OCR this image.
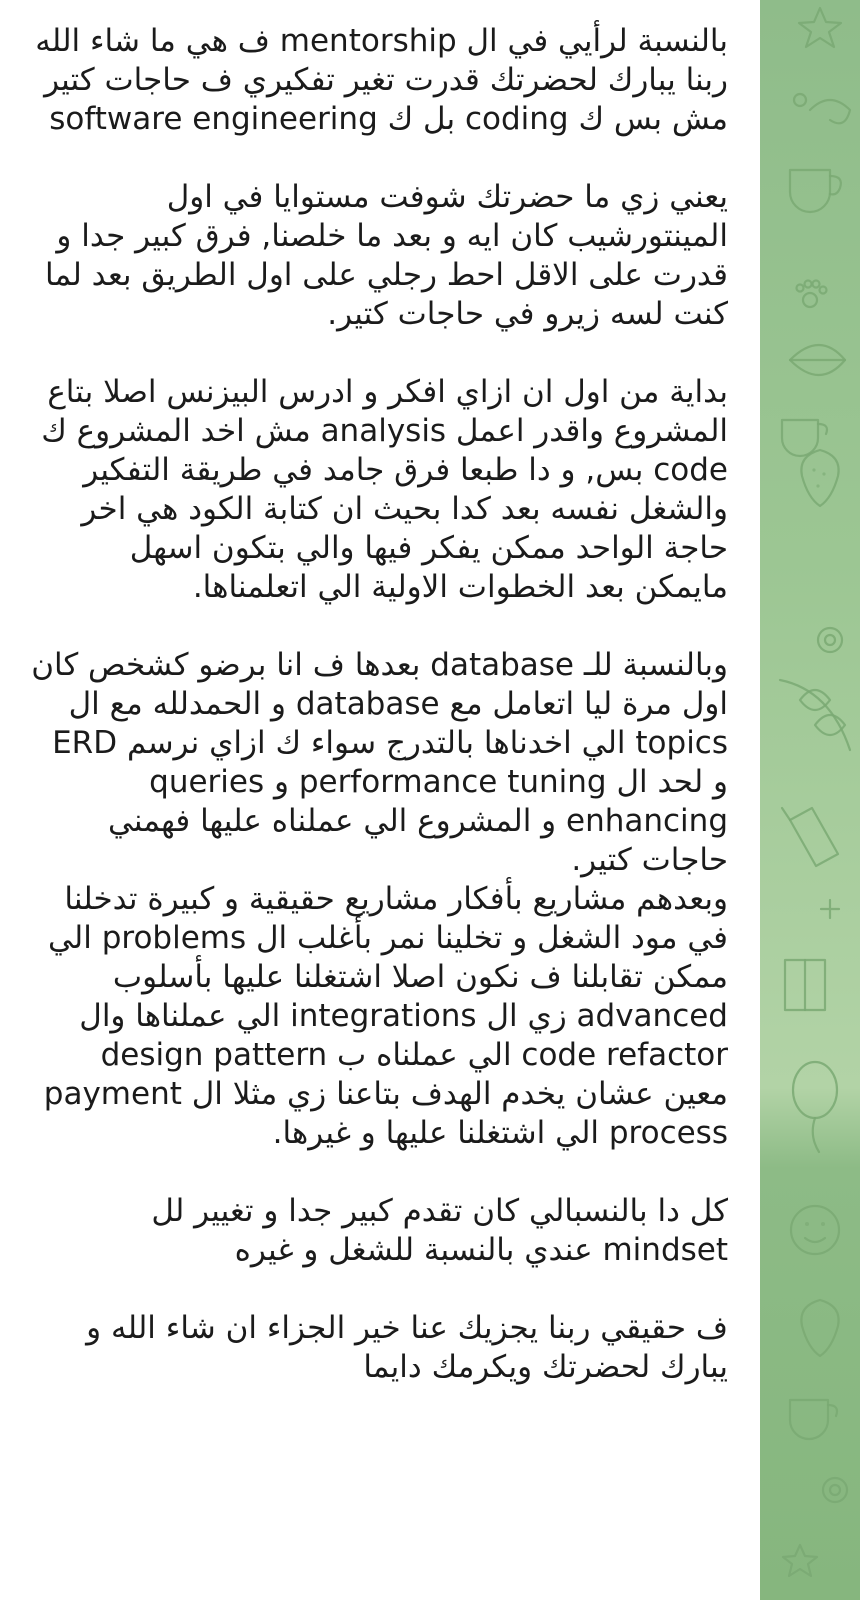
بالنسبة لرأيي في ال mentorship ف هي ما شاء الله ربنا يبارك لحضرتك قدرت تغير تفكيري ف حاجات كتير مش بس ك coding بل ك software engineering

يعني زي ما حضرتك شوفت مستوايا في اول المينتورشيب كان ايه و بعد ما خلصنا, فرق كبير جدا و قدرت على الاقل احط رجلي على اول الطريق بعد لما كنت لسه زيرو في حاجات كتير.

بداية من اول ان ازاي افكر و ادرس البيزنس اصلا بتاع المشروع واقدر اعمل analysis مش اخد المشروع ك code بس, و دا طبعا فرق جامد في طريقة التفكير والشغل نفسه بعد كدا بحيث ان كتابة الكود هي اخر حاجة الواحد ممكن يفكر فيها والي بتكون اسهل مايمكن بعد الخطوات الاولية الي اتعلمناها.

وبالنسبة للـ database بعدها ف انا برضو كشخص كان اول مرة ليا اتعامل مع database و الحمدلله مع ال topics الي اخدناها بالتدرج سواء ك ازاي نرسم ERD و لحد ال performance tuning و queries enhancing و المشروع الي عملناه عليها فهمني حاجات كتير.
وبعدهم مشاريع بأفكار مشاريع حقيقية و كبيرة تدخلنا في مود الشغل و تخلينا نمر بأغلب ال problems الي ممكن تقابلنا ف نكون اصلا اشتغلنا عليها بأسلوب advanced زي ال integrations الي عملناها وال code refactor الي عملناه ب design pattern معين عشان يخدم الهدف بتاعنا زي مثلا ال payment process الي اشتغلنا عليها و غيرها.

كل دا بالنسبالي كان تقدم كبير جدا و تغيير لل mindset عندي بالنسبة للشغل و غيره

ف حقيقي ربنا يجزيك عنا خير الجزاء ان شاء الله و يبارك لحضرتك ويكرمك دايما
